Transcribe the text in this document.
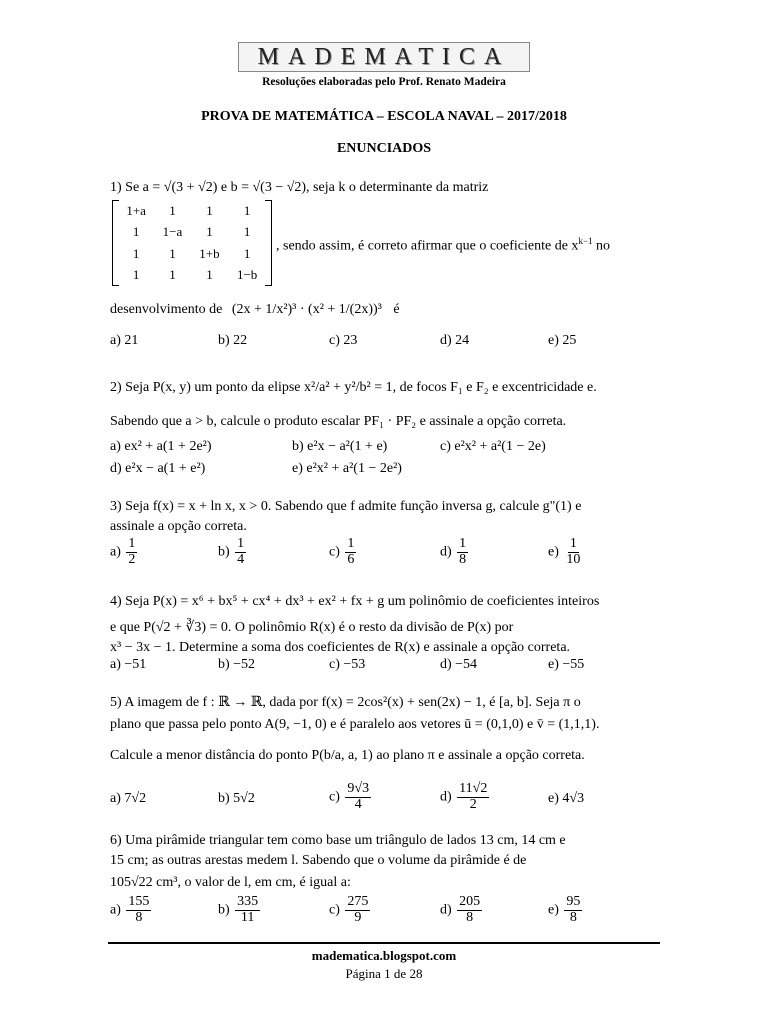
MADEMATICA
Resoluções elaboradas pelo Prof. Renato Madeira
PROVA DE MATEMÁTICA – ESCOLA NAVAL – 2017/2018
ENUNCIADOS
1) Se a = √(3 + √2) e b = √(3 − √2), seja k o determinante da matriz
1+a	1	1	1
1	1−a	1	1
1	1	1+b	1
1	1	1	1−b
, sendo assim, é correto afirmar que o coeficiente de $x^{k-1}$ no
desenvolvimento de (2x + 1/x²)³ · (x² + 1/(2x))³ é
a) 21	b) 22	c) 23	d) 24	e) 25
2) Seja P(x, y) um ponto da elipse x²/a² + y²/b² = 1, de focos F₁ e F₂ e excentricidade e.
Sabendo que a > b, calcule o produto escalar PF₁ · PF₂ e assinale a opção correta.
a) ex² + a(1 + 2e²)	b) e²x − a²(1 + e)	c) e²x² + a²(1 − 2e)
d) e²x − a(1 + e²)	e) e²x² + a²(1 − 2e²)
3) Seja f(x) = x + ln x, x > 0. Sabendo que f admite função inversa g, calcule g"(1) e
assinale a opção correta.
$a) \frac{1}{2}$	$b) \frac{1}{4}$	$c) \frac{1}{6}$	$d) \frac{1}{8}$	$e) \frac{1}{10}$
4) Seja P(x) = x⁶ + bx⁵ + cx⁴ + dx³ + ex² + fx + g um polinômio de coeficientes inteiros
e que P(√2 + ∛3) = 0. O polinômio R(x) é o resto da divisão de P(x) por
x³ − 3x − 1. Determine a soma dos coeficientes de R(x) e assinale a opção correta.
a) −51	b) −52	c) −53	d) −54	e) −55
5) A imagem de f : ℝ → ℝ, dada por f(x) = 2cos²(x) + sen(2x) − 1, é [a, b]. Seja π o
plano que passa pelo ponto A(9, −1, 0) e é paralelo aos vetores ū = (0,1,0) e v̄ = (1,1,1).
Calcule a menor distância do ponto P(b/a, a, 1) ao plano π e assinale a opção correta.
a) 7√2	b) 5√2	$c) \frac{9√3}{4}$	$d) \frac{11√2}{2}$	e) 4√3
6) Uma pirâmide triangular tem como base um triângulo de lados 13 cm, 14 cm e
15 cm; as outras arestas medem l. Sabendo que o volume da pirâmide é de
105√22 cm³, o valor de l, em cm, é igual a:
$a) \frac{155}{8}$	$b) \frac{335}{11}$	$c) \frac{275}{9}$	$d) \frac{205}{8}$	$e) \frac{95}{8}$
madematica.blogspot.com
Página 1 de 28
